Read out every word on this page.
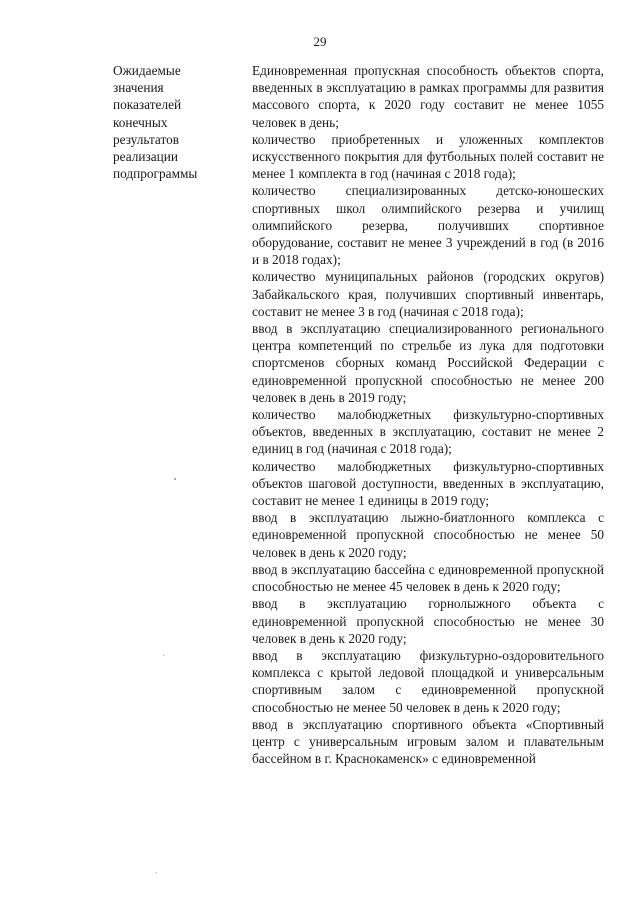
29
Ожидаемые
значения
показателей
конечных
результатов
реализации
подпрограммы

Единовременная пропускная способность объектов спорта, введенных в эксплуатацию в рамках программы для развития массового спорта, к 2020 году составит не менее 1055 человек в день;

количество приобретенных и уложенных комплектов искусственного покрытия для футбольных полей составит не менее 1 комплекта в год (начиная с 2018 года);

количество специализированных детско-юношеских спортивных школ олимпийского резерва и училищ олимпийского резерва, получивших спортивное оборудование, составит не менее 3 учреждений в год (в 2016 и в 2018 годах);

количество муниципальных районов (городских округов) Забайкальского края, получивших спортивный инвентарь, составит не менее 3 в год (начиная с 2018 года);

ввод в эксплуатацию специализированного регионального центра компетенций по стрельбе из лука для подготовки спортсменов сборных команд Российской Федерации с единовременной пропускной способностью не менее 200 человек в день в 2019 году;

количество малобюджетных физкультурно-спортивных объектов, введенных в эксплуатацию, составит не менее 2 единиц в год (начиная с 2018 года);

количество малобюджетных физкультурно-спортивных объектов шаговой доступности, введенных в эксплуатацию, составит не менее 1 единицы в 2019 году;

ввод в эксплуатацию лыжно-биатлонного комплекса с единовременной пропускной способностью не менее 50 человек в день к 2020 году;

ввод в эксплуатацию бассейна с единовременной пропускной способностью не менее 45 человек в день к 2020 году;

ввод в эксплуатацию горнолыжного объекта с единовременной пропускной способностью не менее 30 человек в день к 2020 году;

ввод в эксплуатацию физкультурно-оздоровительного комплекса с крытой ледовой площадкой и универсальным спортивным залом с единовременной пропускной способностью не менее 50 человек в день к 2020 году;

ввод в эксплуатацию спортивного объекта «Спортивный центр с универсальным игровым залом и плавательным бассейном в г. Краснокаменск» с единовременной
